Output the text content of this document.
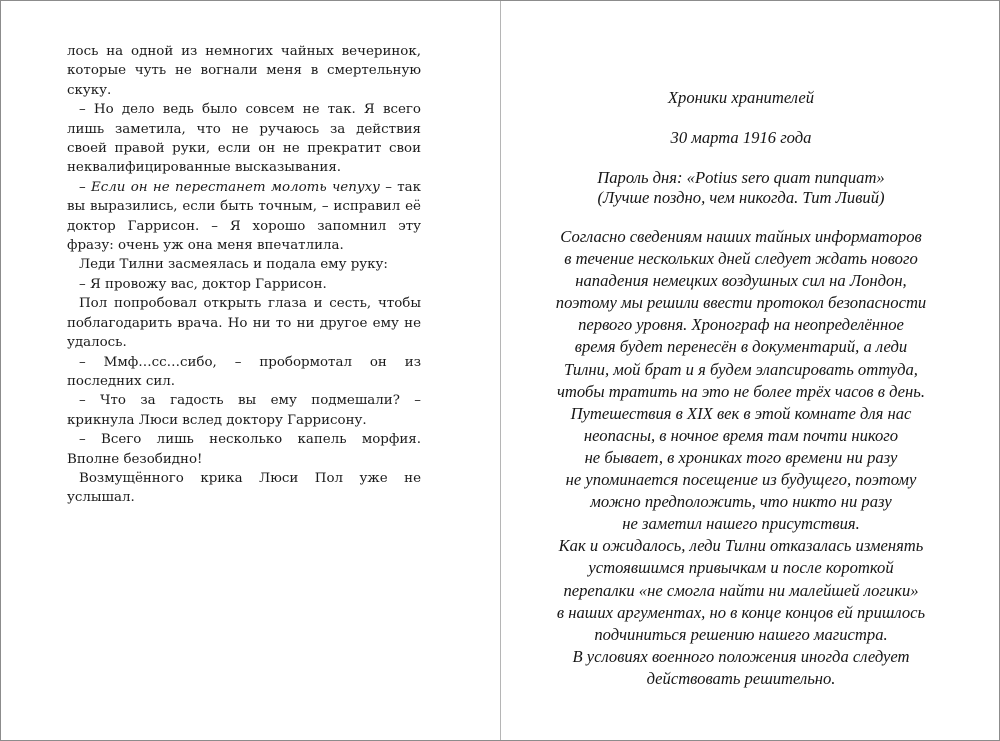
лось на одной из немногих чайных вечеринок, которые чуть не вогнали меня в смертельную скуку.

– Но дело ведь было совсем не так. Я всего лишь заметила, что не ручаюсь за действия своей правой руки, если он не прекратит свои неквалифицированные высказывания.

– Если он не перестанет молоть чепуху – так вы выразились, если быть точным, – исправил её доктор Гаррисон. – Я хорошо запомнил эту фразу: очень уж она меня впечатлила.

Леди Тилни засмеялась и подала ему руку:

– Я провожу вас, доктор Гаррисон.

Пол попробовал открыть глаза и сесть, чтобы поблагодарить врача. Но ни то ни другое ему не удалось.

– Ммф…сс…сибо, – пробормотал он из последних сил.

– Что за гадость вы ему подмешали? – крикнула Люси вслед доктору Гаррисону.

– Всего лишь несколько капель морфия. Вполне безобидно!

Возмущённого крика Люси Пол уже не услышал.

Хроники хранителей

30 марта 1916 года

Пароль дня: «Potius sero quam nunquam»

(Лучше поздно, чем никогда. Тит Ливий)

Согласно сведениям наших тайных информаторов

в течение нескольких дней следует ждать нового

нападения немецких воздушных сил на Лондон,

поэтому мы решили ввести протокол безопасности

первого уровня. Хронограф на неопределённое

время будет перенесён в документарий, а леди

Тилни, мой брат и я будем элапсировать оттуда,

чтобы тратить на это не более трёх часов в день.

Путешествия в XIX век в этой комнате для нас

неопасны, в ночное время там почти никого

не бывает, в хрониках того времени ни разу

не упоминается посещение из будущего, поэтому

можно предположить, что никто ни разу

не заметил нашего присутствия.

Как и ожидалось, леди Тилни отказалась изменять

устоявшимся привычкам и после короткой

перепалки «не смогла найти ни малейшей логики»

в наших аргументах, но в конце концов ей пришлось

подчиниться решению нашего магистра.

В условиях военного положения иногда следует

действовать решительно.
